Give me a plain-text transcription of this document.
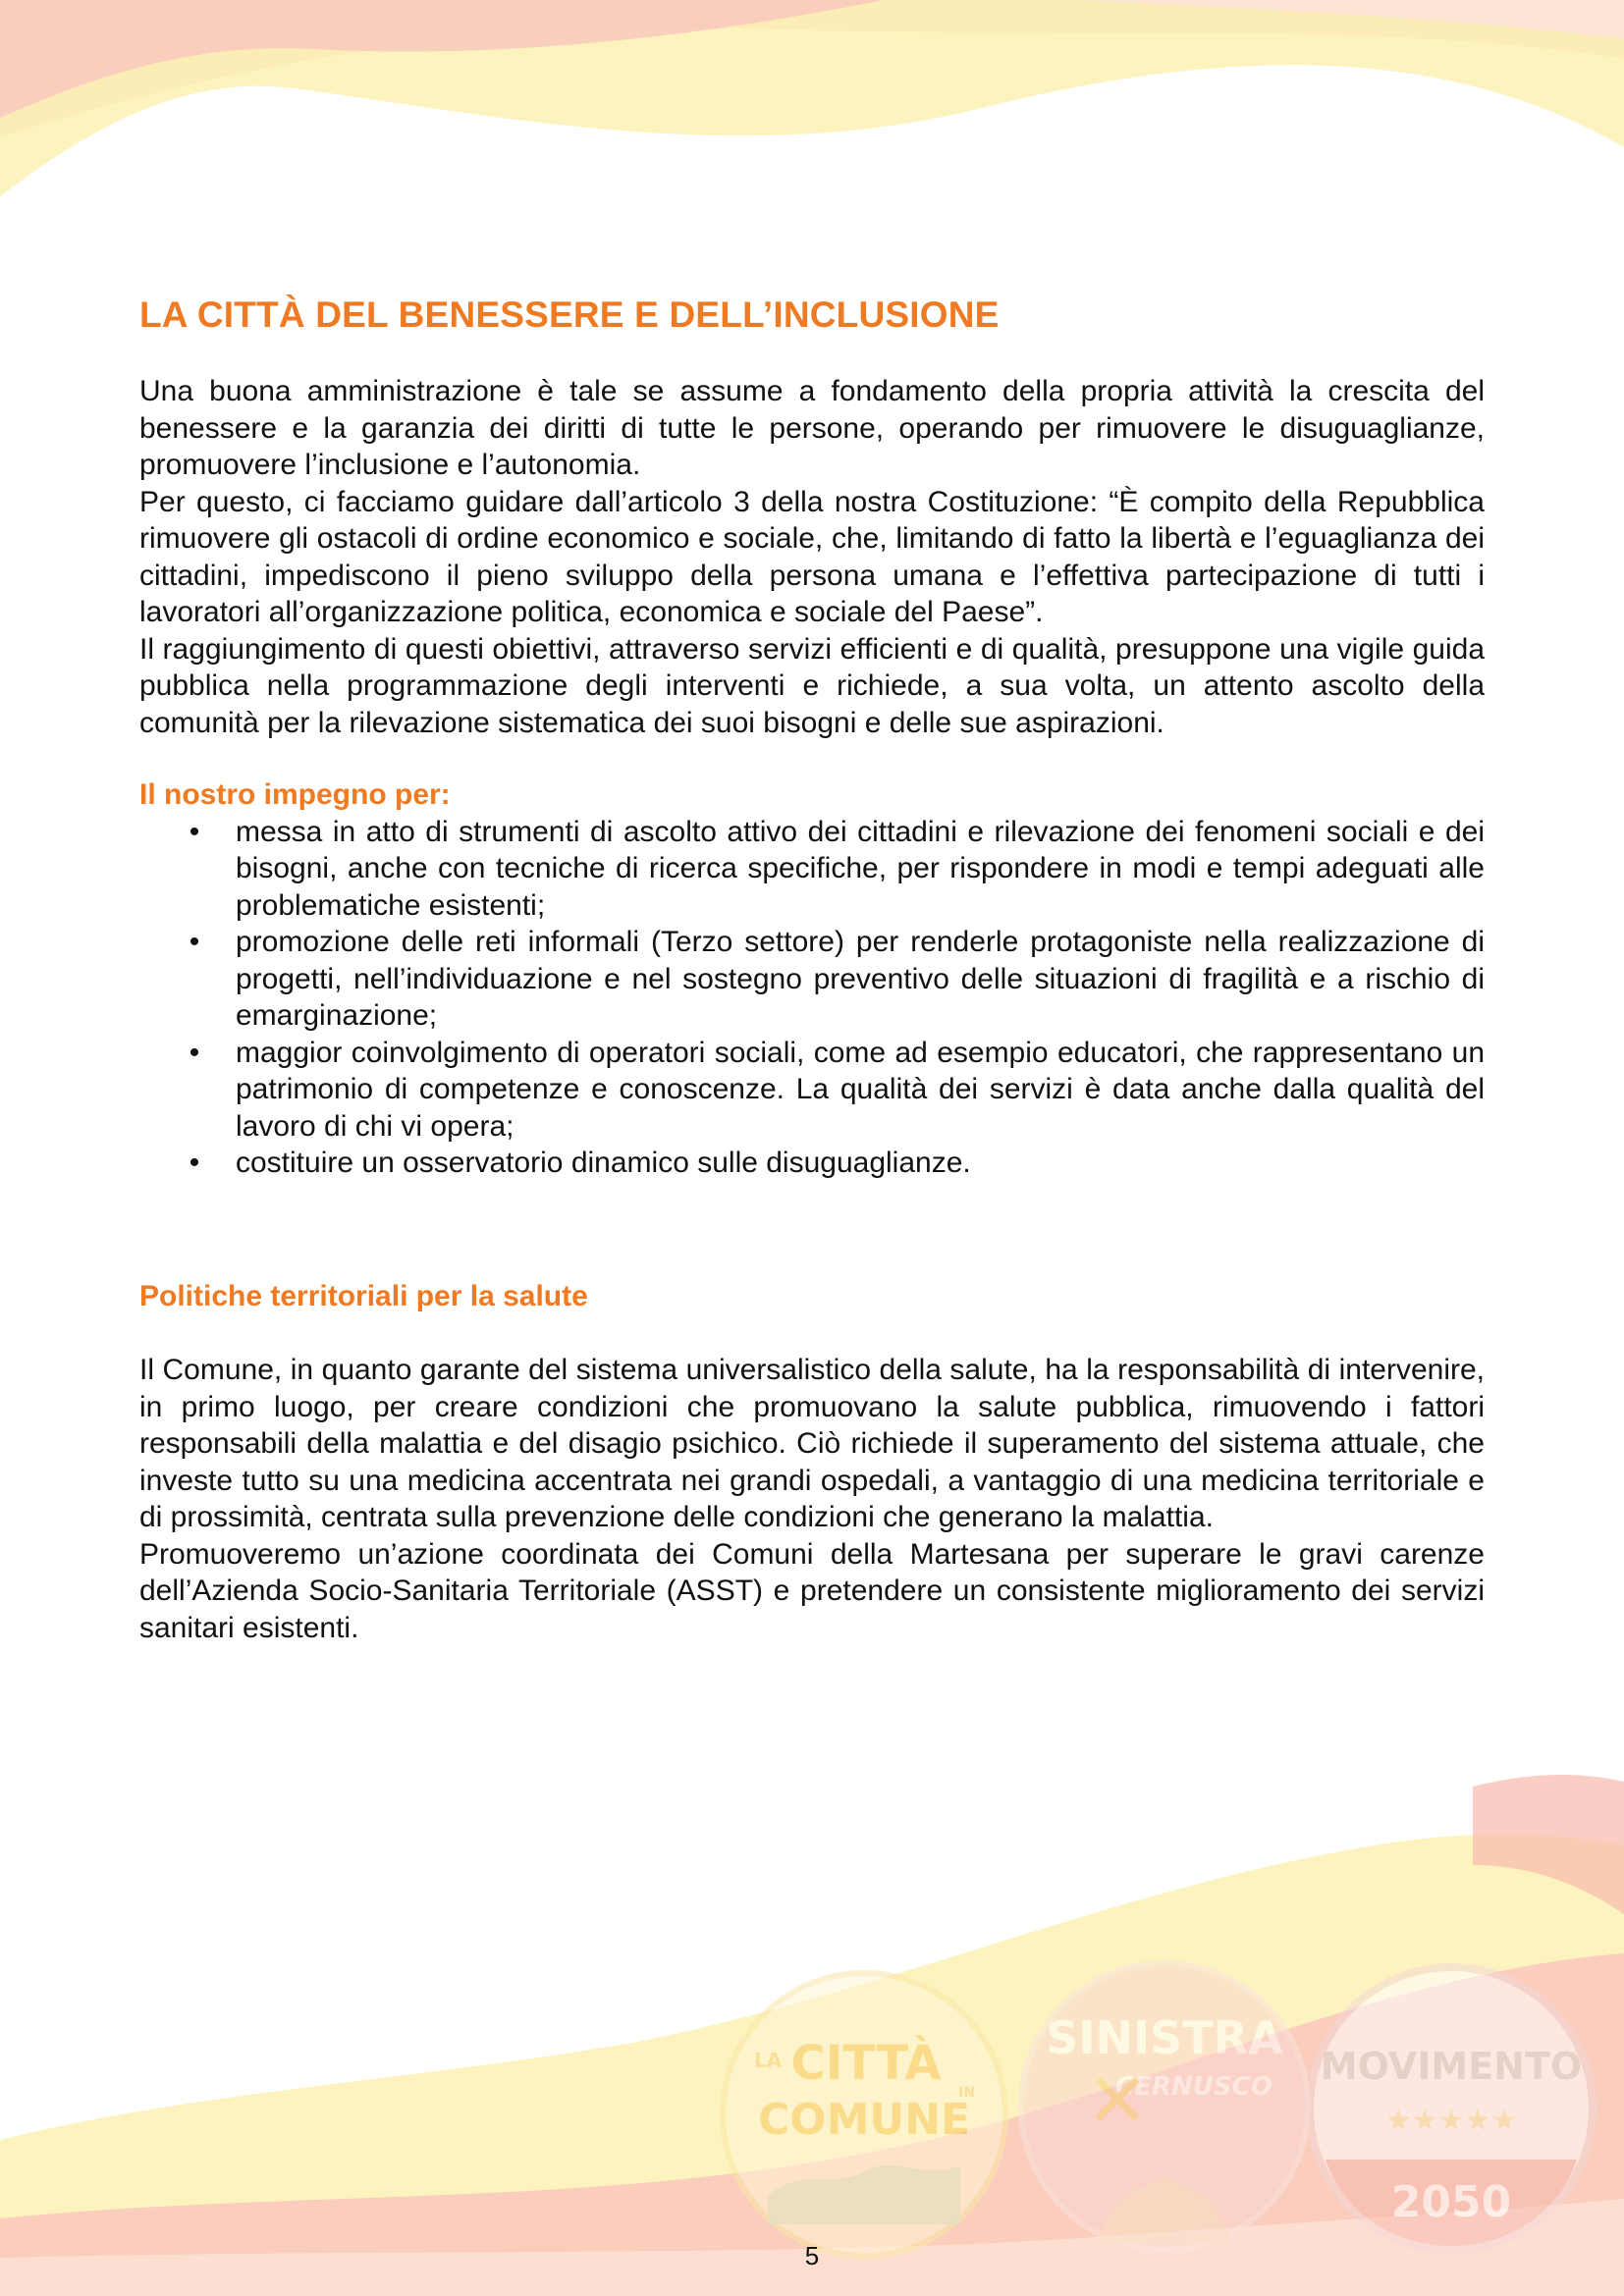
LA CITTÀ
IN
COMUNE
SINISTRA
CERNUSCO
✕	MOVIMENTO
★★★★★
2050
LA CITTÀ DEL BENESSERE E DELL’INCLUSIONE

Una buona amministrazione è tale se assume a fondamento della propria attività la crescita del benessere e la garanzia dei diritti di tutte le persone, operando per rimuovere le disuguaglianze, promuovere l’inclusione e l’autonomia.

Per questo, ci facciamo guidare dall’articolo 3 della nostra Costituzione: “È compito della Repubblica rimuovere gli ostacoli di ordine economico e sociale, che, limitando di fatto la libertà e l’eguaglianza dei cittadini, impediscono il pieno sviluppo della persona umana e l’effettiva partecipazione di tutti i lavoratori all’organizzazione politica, economica e sociale del Paese”.

Il raggiungimento di questi obiettivi, attraverso servizi efficienti e di qualità, presuppone una vigile guida pubblica nella programmazione degli interventi e richiede, a sua volta, un attento ascolto della comunità per la rilevazione sistematica dei suoi bisogni e delle sue aspirazioni.

Il nostro impegno per:
• messa in atto di strumenti di ascolto attivo dei cittadini e rilevazione dei fenomeni sociali e dei bisogni, anche con tecniche di ricerca specifiche, per rispondere in modi e tempi adeguati alle problematiche esistenti;
• promozione delle reti informali (Terzo settore) per renderle protagoniste nella realizzazione di progetti, nell’individuazione e nel sostegno preventivo delle situazioni di fragilità e a rischio di emarginazione;
• maggior coinvolgimento di operatori sociali, come ad esempio educatori, che rappresentano un patrimonio di competenze e conoscenze. La qualità dei servizi è data anche dalla qualità del lavoro di chi vi opera;
• costituire un osservatorio dinamico sulle disuguaglianze.
Politiche territoriali per la salute

Il Comune, in quanto garante del sistema universalistico della salute, ha la responsabilità di intervenire, in primo luogo, per creare condizioni che promuovano la salute pubblica, rimuovendo i fattori responsabili della malattia e del disagio psichico. Ciò richiede il superamento del sistema attuale, che investe tutto su una medicina accentrata nei grandi ospedali, a vantaggio di una medicina territoriale e di prossimità, centrata sulla prevenzione delle condizioni che generano la malattia.

Promuoveremo un’azione coordinata dei Comuni della Martesana per superare le gravi carenze dell’Azienda Socio-Sanitaria Territoriale (ASST) e pretendere un consistente miglioramento dei servizi sanitari esistenti.

5
